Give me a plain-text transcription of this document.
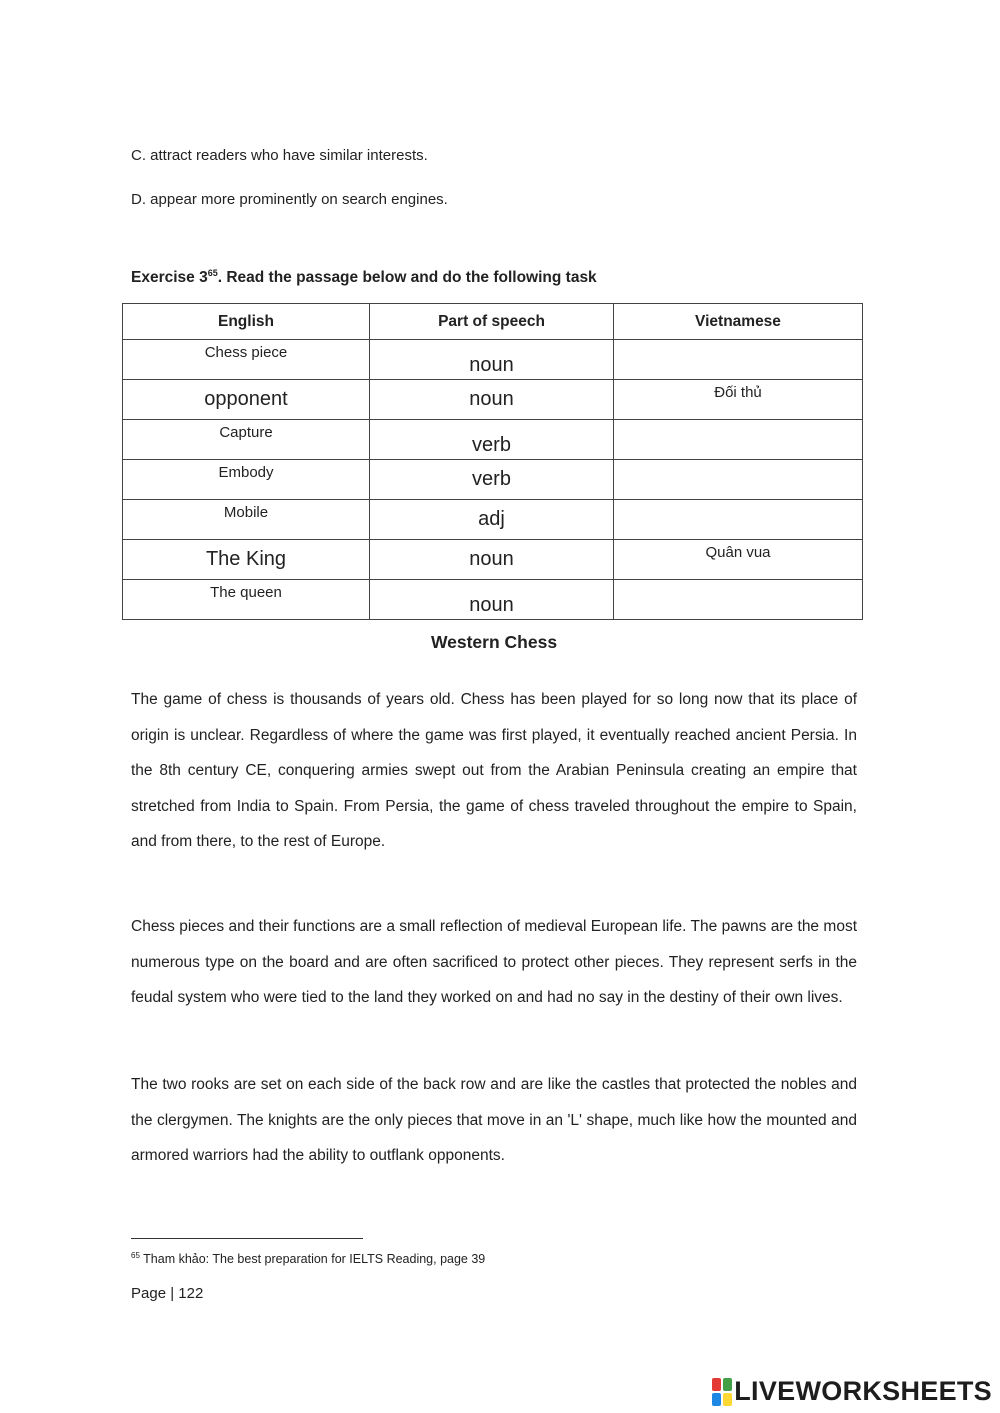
C. attract readers who have similar interests.
D. appear more prominently on search engines.
Exercise $3^{65}$. Read the passage below and do the following task
English	Part of speech	Vietnamese
Chess piece	noun	
opponent	noun	Đối thủ
Capture	verb	
Embody	verb	
Mobile	adj	
The King	noun	Quân vua
The queen	noun	
Western Chess

The game of chess is thousands of years old. Chess has been played for so long now that its place of origin is unclear. Regardless of where the game was first played, it eventually reached ancient Persia. In the 8th century CE, conquering armies swept out from the Arabian Peninsula creating an empire that stretched from India to Spain. From Persia, the game of chess traveled throughout the empire to Spain, and from there, to the rest of Europe.

Chess pieces and their functions are a small reflection of medieval European life. The pawns are the most numerous type on the board and are often sacrificed to protect other pieces. They represent serfs in the feudal system who were tied to the land they worked on and had no say in the destiny of their own lives.

The two rooks are set on each side of the back row and are like the castles that protected the nobles and the clergymen. The knights are the only pieces that move in an 'L' shape, much like how the mounted and armored warriors had the ability to outflank opponents.

$^{65}$ Tham khảo: The best preparation for IELTS Reading, page 39
Page | 122
LIVEWORKSHEETS
